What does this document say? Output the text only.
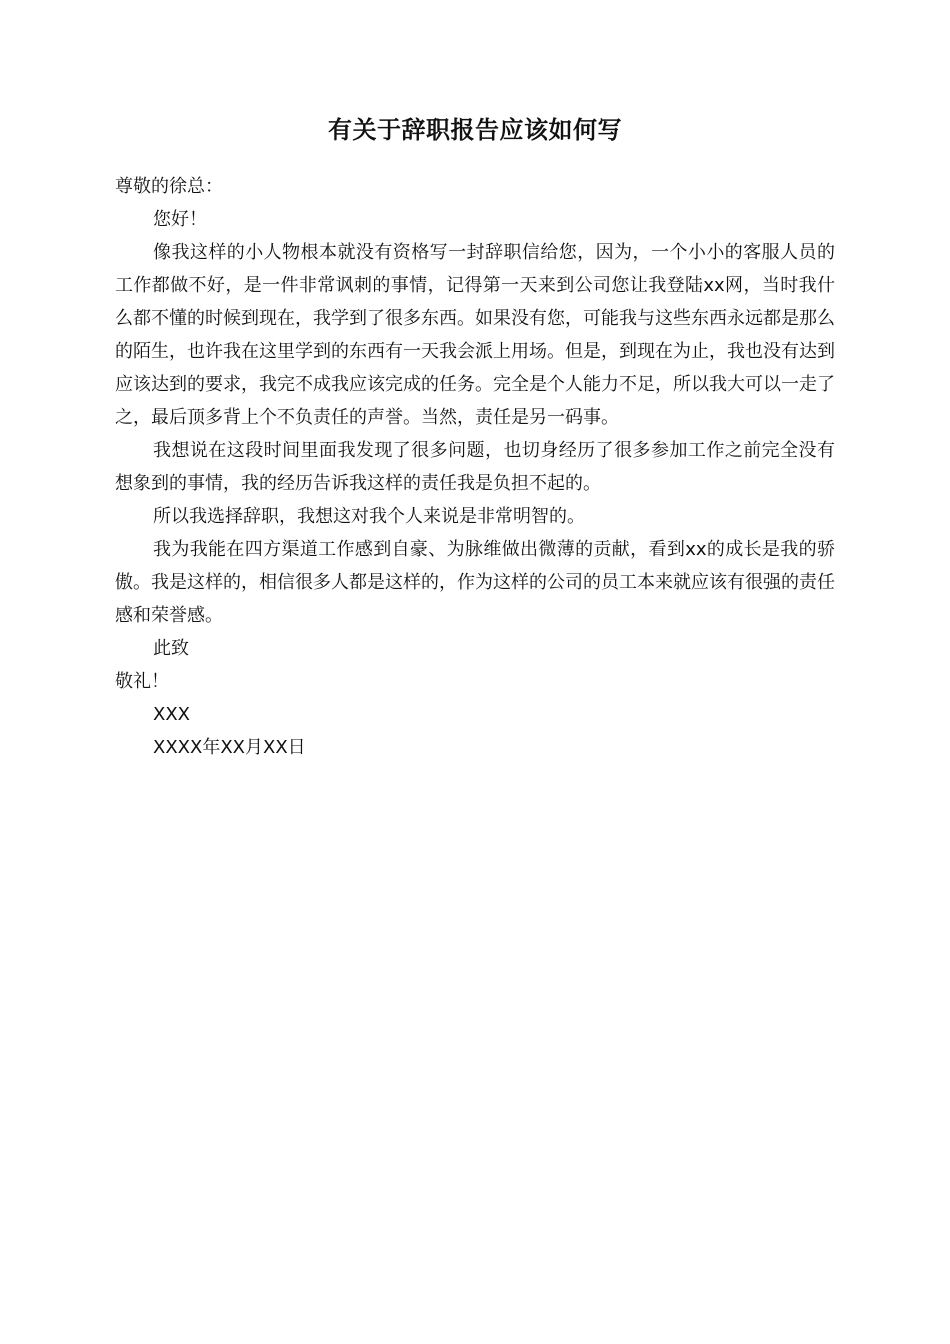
有关于辞职报告应该如何写

尊敬的徐总：

您好！

像我这样的小人物根本就没有资格写一封辞职信给您，因为，一个小小的客服人员的工作都做不好，是一件非常讽刺的事情，记得第一天来到公司您让我登陆xx网，当时我什么都不懂的时候到现在，我学到了很多东西。如果没有您，可能我与这些东西永远都是那么的陌生，也许我在这里学到的东西有一天我会派上用场。但是，到现在为止，我也没有达到应该达到的要求，我完不成我应该完成的任务。完全是个人能力不足，所以我大可以一走了之，最后顶多背上个不负责任的声誉。当然，责任是另一码事。

我想说在这段时间里面我发现了很多问题，也切身经历了很多参加工作之前完全没有想象到的事情，我的经历告诉我这样的责任我是负担不起的。

所以我选择辞职，我想这对我个人来说是非常明智的。

我为我能在四方渠道工作感到自豪、为脉维做出微薄的贡献，看到xx的成长是我的骄傲。我是这样的，相信很多人都是这样的，作为这样的公司的员工本来就应该有很强的责任感和荣誉感。

此致

敬礼！

XXX

XXXX年XX月XX日
